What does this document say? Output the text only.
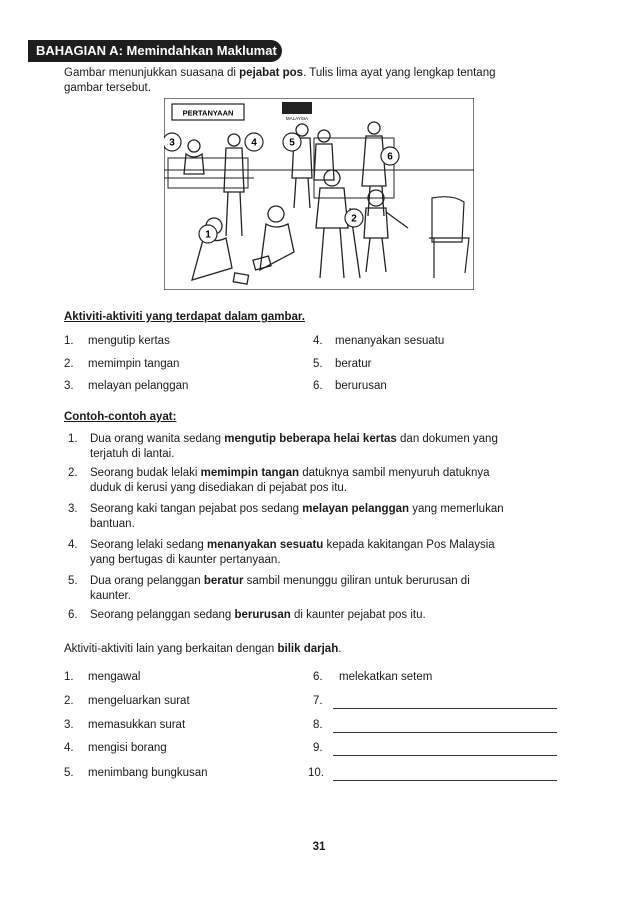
BAHAGIAN A: Memindahkan Maklumat
Gambar menunjukkan suasana di pejabat pos. Tulis lima ayat yang lengkap tentang
gambar tersebut.
PERTANYAAN
MALAYSIA
1
2
3	4	5
6
Aktiviti-aktiviti yang terdapat dalam gambar.
1. mengutip kertas
2. memimpin tangan
3. melayan pelanggan
4. menanyakan sesuatu
5. beratur
6. berurusan
Contoh-contoh ayat:
1. Dua orang wanita sedang mengutip beberapa helai kertas dan dokumen yang
terjatuh di lantai.
2. Seorang budak lelaki memimpin tangan datuknya sambil menyuruh datuknya
duduk di kerusi yang disediakan di pejabat pos itu.
3. Seorang kaki tangan pejabat pos sedang melayan pelanggan yang memerlukan
bantuan.
4. Seorang lelaki sedang menanyakan sesuatu kepada kakitangan Pos Malaysia
yang bertugas di kaunter pertanyaan.
5. Dua orang pelanggan beratur sambil menunggu giliran untuk berurusan di
kaunter.
6. Seorang pelanggan sedang berurusan di kaunter pejabat pos itu.
Aktiviti-aktiviti lain yang berkaitan dengan bilik darjah.
1. mengawal
2. mengeluarkan surat
3. memasukkan surat
4. mengisi borang
5. menimbang bungkusan
6. melekatkan setem
7.
8.
9.
10.
31
